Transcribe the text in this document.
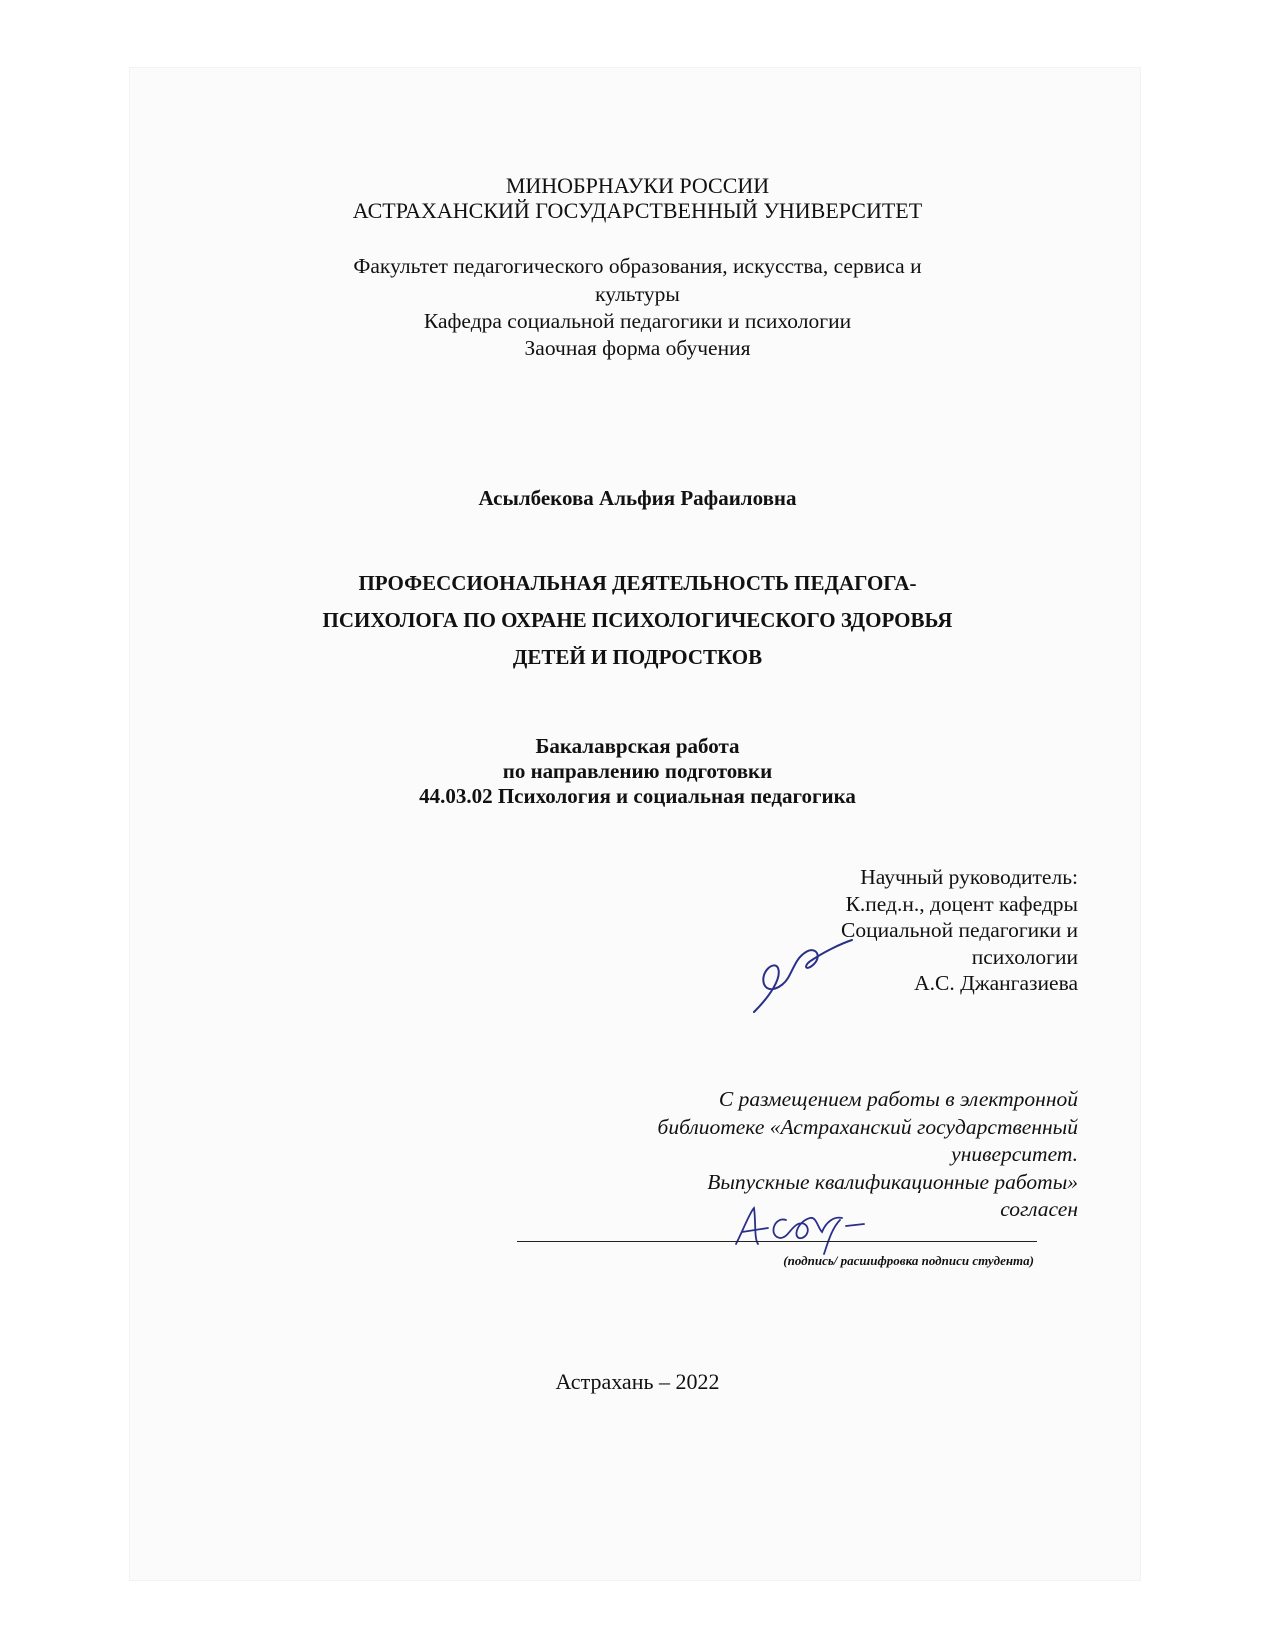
МИНОБРНАУКИ РОССИИ

АСТРАХАНСКИЙ ГОСУДАРСТВЕННЫЙ УНИВЕРСИТЕТ

Факультет педагогического образования, искусства, сервиса и
культуры

Кафедра социальной педагогики и психологии

Заочная форма обучения

Асылбекова Альфия Рафаиловна

ПРОФЕССИОНАЛЬНАЯ ДЕЯТЕЛЬНОСТЬ ПЕДАГОГА-
ПСИХОЛОГА ПО ОХРАНЕ ПСИХОЛОГИЧЕСКОГО ЗДОРОВЬЯ
ДЕТЕЙ И ПОДРОСТКОВ

Бакалаврская работа
по направлению подготовки
44.03.02 Психология и социальная педагогика

Научный руководитель:
К.пед.н., доцент кафедры
Социальной педагогики и
психологии
А.С. Джангазиева

С размещением работы в электронной
библиотеке «Астраханский государственный
университет.
Выпускные квалификационные работы»
согласен

(подпись/ расшифровка подписи студента)

Астрахань – 2022
